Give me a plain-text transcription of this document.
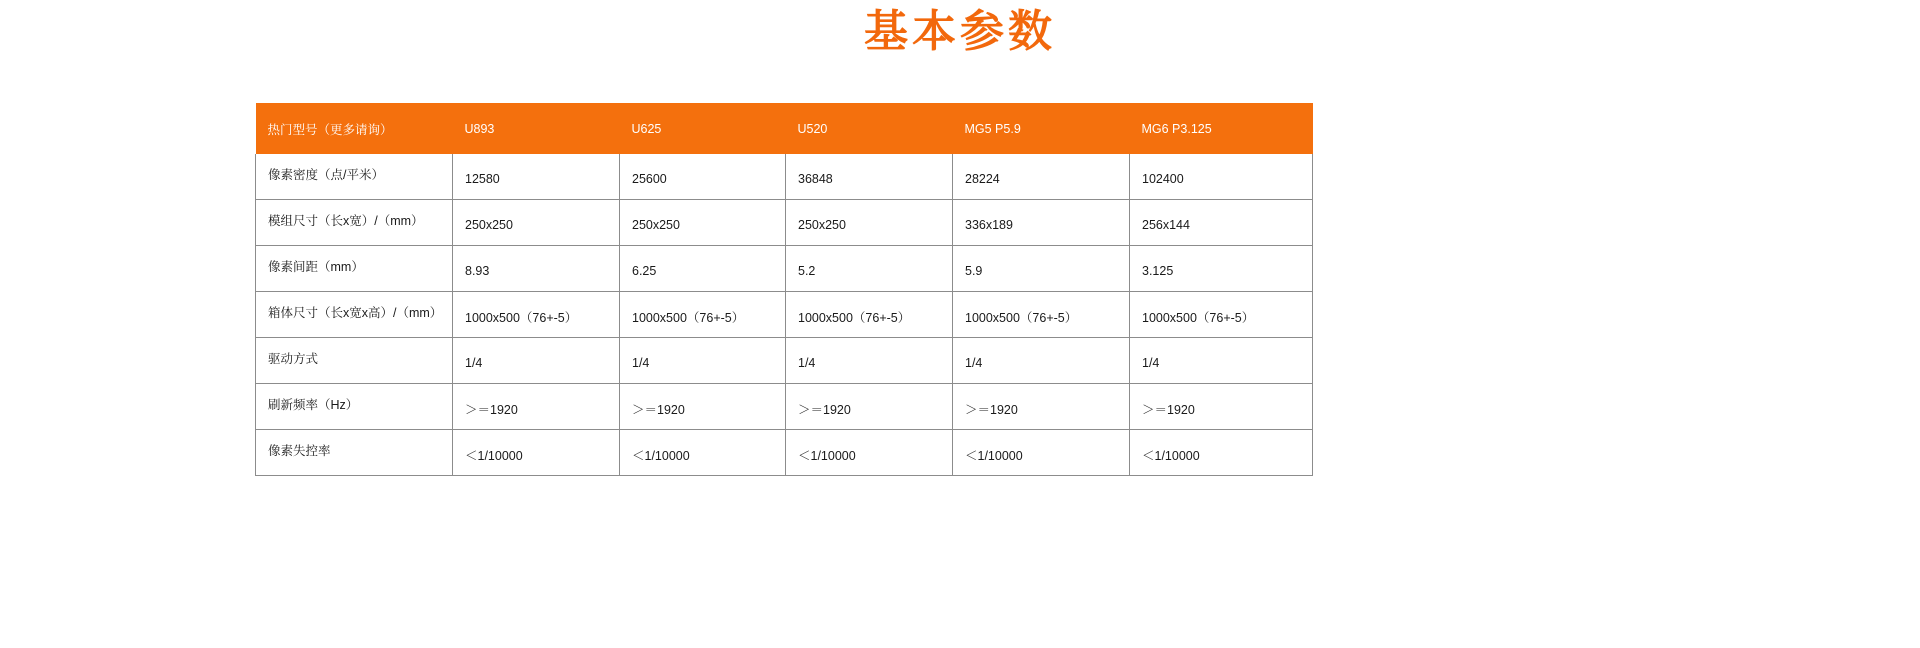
基本参数
热门型号（更多请询）	U893	U625	U520	MG5 P5.9	MG6 P3.125
像素密度（点/平米）	12580	25600	36848	28224	102400
模组尺寸（长x宽）/（mm）	250x250	250x250	250x250	336x189	256x144
像素间距（mm）	8.93	6.25	5.2	5.9	3.125
箱体尺寸（长x宽x高）/（mm）	1000x500（76+-5）	1000x500（76+-5）	1000x500（76+-5）	1000x500（76+-5）	1000x500（76+-5）
驱动方式	1/4	1/4	1/4	1/4	1/4
刷新频率（Hz）	＞＝1920	＞＝1920	＞＝1920	＞＝1920	＞＝1920
像素失控率	＜1/10000	＜1/10000	＜1/10000	＜1/10000	＜1/10000
